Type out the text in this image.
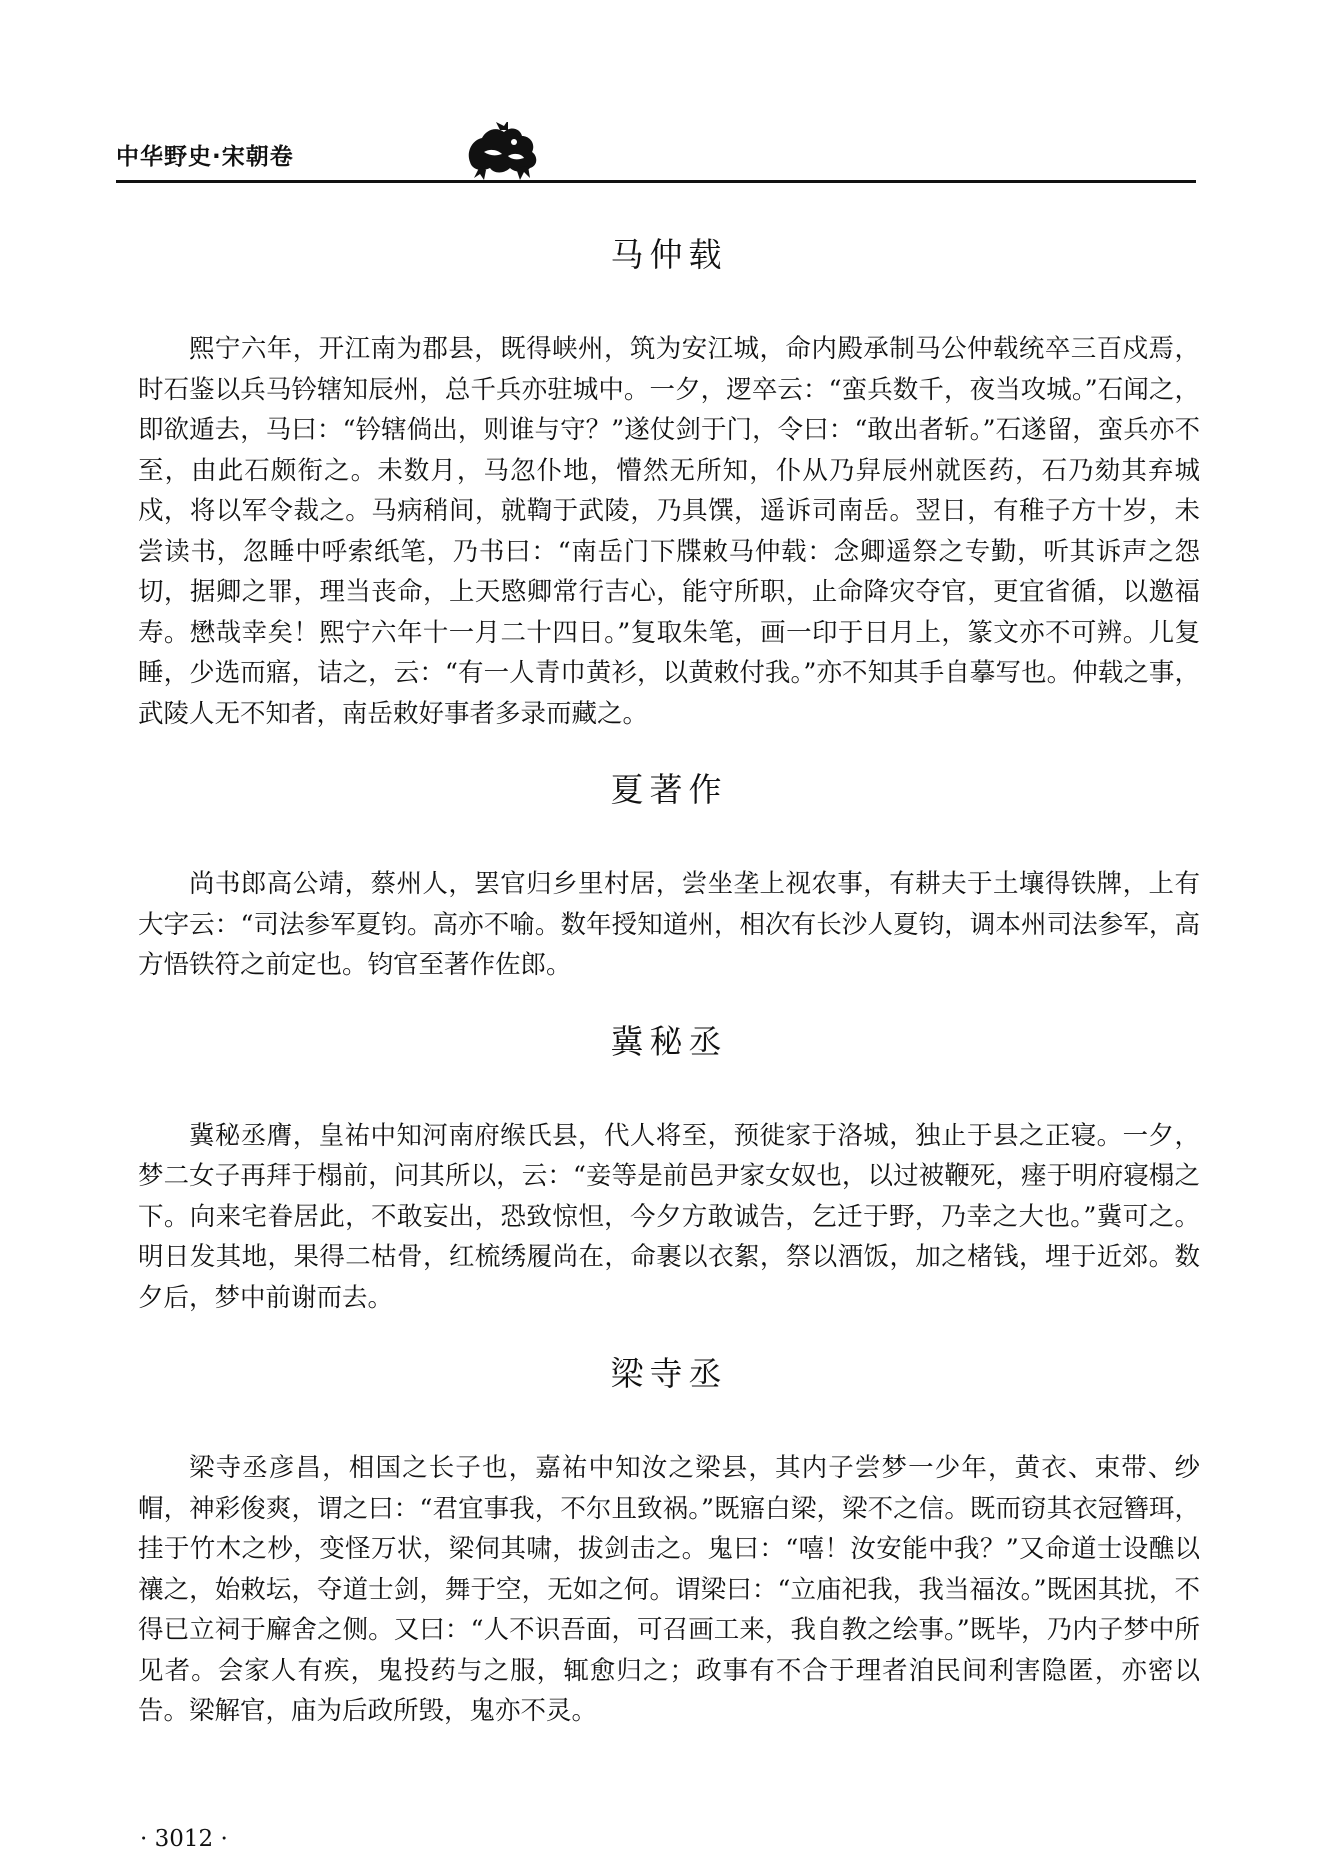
中华野史·宋朝卷
马仲载

熙宁六年，开江南为郡县，既得峡州，筑为安江城，命内殿承制马公仲载统卒三百戍焉，时石鉴以兵马钤辖知辰州，总千兵亦驻城中。一夕，逻卒云：“蛮兵数千，夜当攻城。”石闻之，即欲遁去，马曰：“钤辖倘出，则谁与守？”遂仗剑于门，令曰：“敢出者斩。”石遂留，蛮兵亦不至，由此石颇衔之。未数月，马忽仆地，懵然无所知，仆从乃舁辰州就医药，石乃劾其弃城戍，将以军令裁之。马病稍间，就鞫于武陵，乃具馔，遥诉司南岳。翌日，有稚子方十岁，未尝读书，忽睡中呼索纸笔，乃书曰：“南岳门下牒敕马仲载：念卿遥祭之专勤，听其诉声之怨切，据卿之罪，理当丧命，上天愍卿常行吉心，能守所职，止命降灾夺官，更宜省循，以邀福寿。懋哉幸矣！熙宁六年十一月二十四日。”复取朱笔，画一印于日月上，篆文亦不可辨。儿复睡，少选而寤，诘之，云：“有一人青巾黄衫，以黄敕付我。”亦不知其手自摹写也。仲载之事，武陵人无不知者，南岳敕好事者多录而藏之。

夏著作

尚书郎高公靖，蔡州人，罢官归乡里村居，尝坐垄上视农事，有耕夫于土壤得铁牌，上有大字云：“司法参军夏钧。高亦不喻。数年授知道州，相次有长沙人夏钧，调本州司法参军，高方悟铁符之前定也。钧官至著作佐郎。

冀秘丞

冀秘丞膺，皇祐中知河南府缑氏县，代人将至，预徙家于洛城，独止于县之正寝。一夕，梦二女子再拜于榻前，问其所以，云：“妾等是前邑尹家女奴也，以过被鞭死，瘗于明府寝榻之下。向来宅眷居此，不敢妄出，恐致惊怛，今夕方敢诚告，乞迁于野，乃幸之大也。”冀可之。明日发其地，果得二枯骨，红梳绣履尚在，命裹以衣絮，祭以酒饭，加之楮钱，埋于近郊。数夕后，梦中前谢而去。

梁寺丞

梁寺丞彦昌，相国之长子也，嘉祐中知汝之梁县，其内子尝梦一少年，黄衣、束带、纱帽，神彩俊爽，谓之曰：“君宜事我，不尔且致祸。”既寤白梁，梁不之信。既而窃其衣冠簪珥，挂于竹木之杪，变怪万状，梁伺其啸，拔剑击之。鬼曰：“嘻！汝安能中我？”又命道士设醮以禳之，始敕坛，夺道士剑，舞于空，无如之何。谓梁曰：“立庙祀我，我当福汝。”既困其扰，不得已立祠于廨舍之侧。又曰：“人不识吾面，可召画工来，我自教之绘事。”既毕，乃内子梦中所见者。会家人有疾，鬼投药与之服，辄愈归之；政事有不合于理者洎民间利害隐匿，亦密以告。梁解官，庙为后政所毁，鬼亦不灵。

· 3012 ·
